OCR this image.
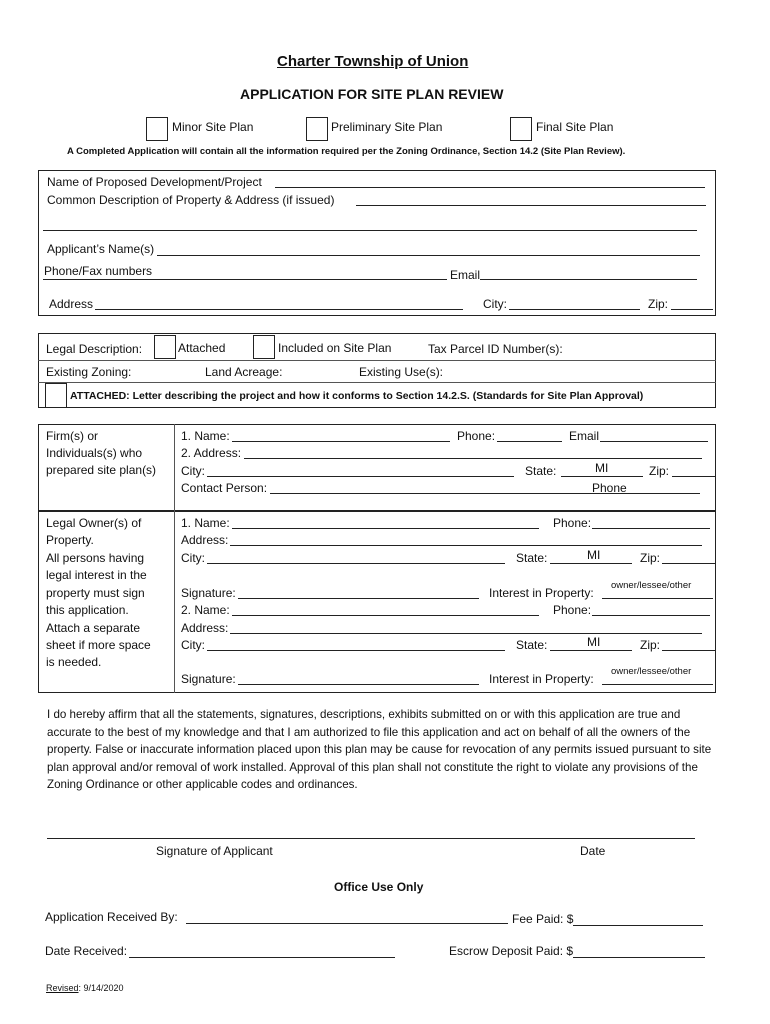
Charter Township of Union
APPLICATION FOR SITE PLAN REVIEW
Minor Site Plan	Preliminary Site Plan	Final Site Plan
A Completed Application will contain all the information required per the Zoning Ordinance, Section 14.2 (Site Plan Review).
Name of Proposed Development/Project
Common Description of Property & Address (if issued)
Applicant’s Name(s)
Phone/Fax numbers	Email
Address	City:	Zip:
Legal Description:	Attached	Included on Site Plan	Tax Parcel ID Number(s):
Existing Zoning:	Land Acreage:	Existing Use(s):
ATTACHED: Letter describing the project and how it conforms to Section 14.2.S. (Standards for Site Plan Approval)
Firm(s) or
Individuals(s) who
prepared site plan(s)
1. Name:	Phone:	Email
2. Address:
City:	State:	MI	Zip:
Contact Person:	Phone
Legal Owner(s) of
Property.
All persons having
legal interest in the
property must sign
this application.
Attach a separate
sheet if more space
is needed.
1. Name:	Phone:
Address:
City:	State:	MI	Zip:
Signature:	Interest in Property:
owner/lessee/other
2. Name:	Phone:
Address:
City:	State:	MI	Zip:
Signature:	Interest in Property:
owner/lessee/other
I do hereby affirm that all the statements, signatures, descriptions, exhibits submitted on or with this application are true and accurate to the best of my knowledge and that I am authorized to file this application and act on behalf of all the owners of the property. False or inaccurate information placed upon this plan may be cause for revocation of any permits issued pursuant to site plan approval and/or removal of work installed. Approval of this plan shall not constitute the right to violate any provisions of the Zoning Ordinance or other applicable codes and ordinances.
Signature of Applicant	Date
Office Use Only
Application Received By:	Fee Paid: $
Date Received:	Escrow Deposit Paid: $
Revised: 9/14/2020
